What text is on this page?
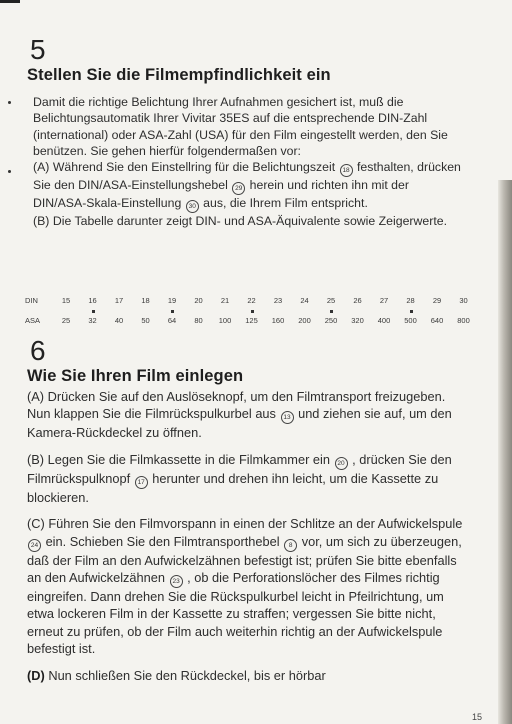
5
Stellen Sie die Filmempfindlichkeit ein

Damit die richtige Belichtung Ihrer Aufnahmen gesichert ist, muß die Belichtungsautomatik Ihrer Vivitar 35ES auf die entsprechende DIN-Zahl (international) oder ASA-Zahl (USA) für den Film eingestellt werden, den Sie benützen. Sie gehen hierfür folgendermaßen vor:

(A) Während Sie den Einstellring für die Belichtungszeit 18 festhalten, drücken Sie den DIN/ASA-Einstellungshebel 29 herein und richten ihn mit der DIN/ASA-Skala-Einstellung 30 aus, die Ihrem Film entspricht.

(B) Die Tabelle darunter zeigt DIN- und ASA-Äquivalente sowie Zeigerwerte.

DIN	15	16	17	18	19	20	21	22	23	24	25	26	27	28	29	30
ASA	25	32	40	50	64	80	100	125	160	200	250	320	400	500	640	800
6
Wie Sie Ihren Film einlegen

(A) Drücken Sie auf den Auslöseknopf, um den Filmtransport freizugeben. Nun klappen Sie die Filmrückspulkurbel aus 13 und ziehen sie auf, um den Kamera-Rückdeckel zu öffnen.

(B) Legen Sie die Filmkassette in die Filmkammer ein 20 , drücken Sie den Filmrückspulknopf 17 herunter und drehen ihn leicht, um die Kassette zu blockieren.

(C) Führen Sie den Filmvorspann in einen der Schlitze an der Aufwickelspule 24 ein. Schieben Sie den Filmtransporthebel 8 vor, um sich zu überzeugen, daß der Film an den Aufwickelzähnen befestigt ist; prüfen Sie bitte ebenfalls an den Aufwickelzähnen 23 , ob die Perforationslöcher des Filmes richtig eingreifen. Dann drehen Sie die Rückspulkurbel leicht in Pfeilrichtung, um etwa lockeren Film in der Kassette zu straffen; vergessen Sie bitte nicht, erneut zu prüfen, ob der Film auch weiterhin richtig an der Aufwickelspule befestigt ist.

(D) Nun schließen Sie den Rückdeckel, bis er hörbar

15
